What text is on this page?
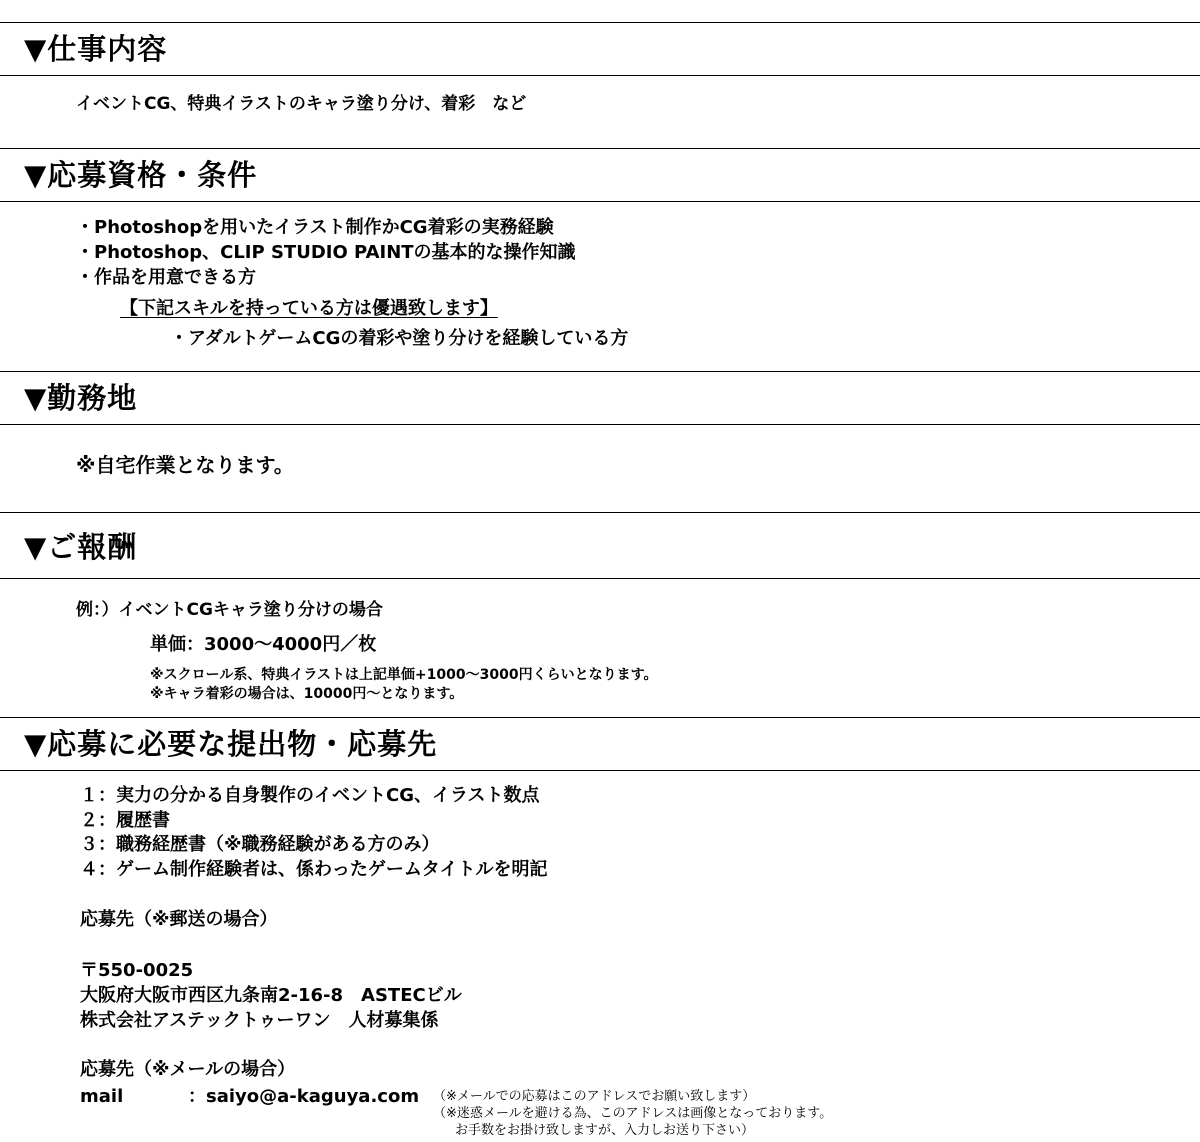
▼仕事内容
イベントCG、特典イラストのキャラ塗り分け、着彩　など
▼応募資格・条件
・Photoshopを用いたイラスト制作かCG着彩の実務経験
・Photoshop、CLIP STUDIO PAINTの基本的な操作知識
・作品を用意できる方
【下記スキルを持っている方は優遇致します】
・アダルトゲームCGの着彩や塗り分けを経験している方
▼勤務地
※自宅作業となります。
▼ご報酬
例：）イベントCGキャラ塗り分けの場合
単価：3000～4000円／枚
※スクロール系、特典イラストは上記単価+1000～3000円くらいとなります。
※キャラ着彩の場合は、10000円～となります。
▼応募に必要な提出物・応募先
１：実力の分かる自身製作のイベントCG、イラスト数点
２：履歴書
３：職務経歴書（※職務経験がある方のみ）
４：ゲーム制作経験者は、係わったゲームタイトルを明記
応募先（※郵送の場合）
〒550-0025
大阪府大阪市西区九条南2-16-8　ASTECビル
株式会社アステックトゥーワン　人材募集係
応募先（※メールの場合）
mail	：saiyo@a-kaguya.com （※メールでの応募はこのアドレスでお願い致します）
（※迷惑メールを避ける為、このアドレスは画像となっております。
お手数をお掛け致しますが、入力しお送り下さい）
